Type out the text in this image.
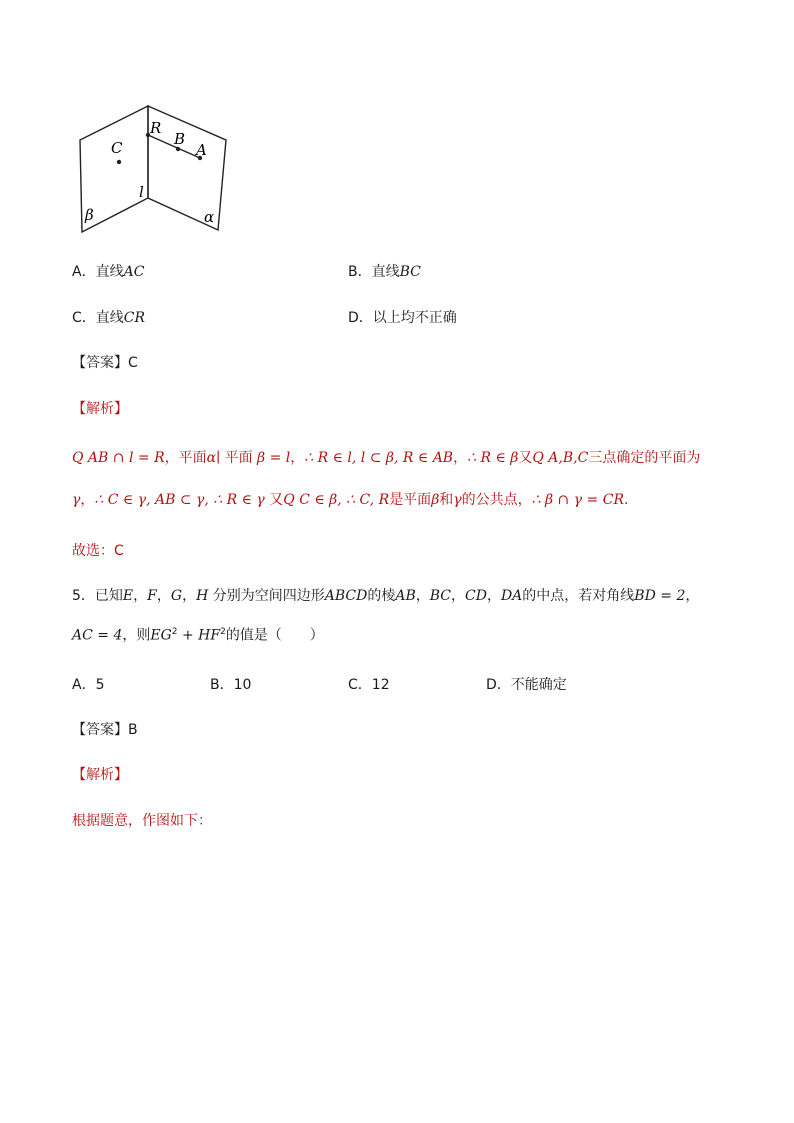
C
R
B
A
l
β	α
A．直线AC	B．直线BC
C．直线CR	D．以上均不正确
【答案】C
【解析】
Q AB ∩ l = R，平面α∣ 平面 β = l，∴ R ∈ l, l ⊂ β, R ∈ AB，∴ R ∈ β又Q A,B,C三点确定的平面为
γ，∴ C ∈ γ, AB ⊂ γ, ∴ R ∈ γ 又Q C ∈ β, ∴ C, R是平面β和γ的公共点，∴ β ∩ γ = CR.
故选：C
5．已知E，F，G，H 分别为空间四边形ABCD的棱AB，BC，CD，DA的中点，若对角线BD = 2，
AC = 4，则$EG^2 + HF^2$的值是（　　）
A．5	B．10	C．12	D．不能确定
【答案】B
【解析】
根据题意，作图如下：
